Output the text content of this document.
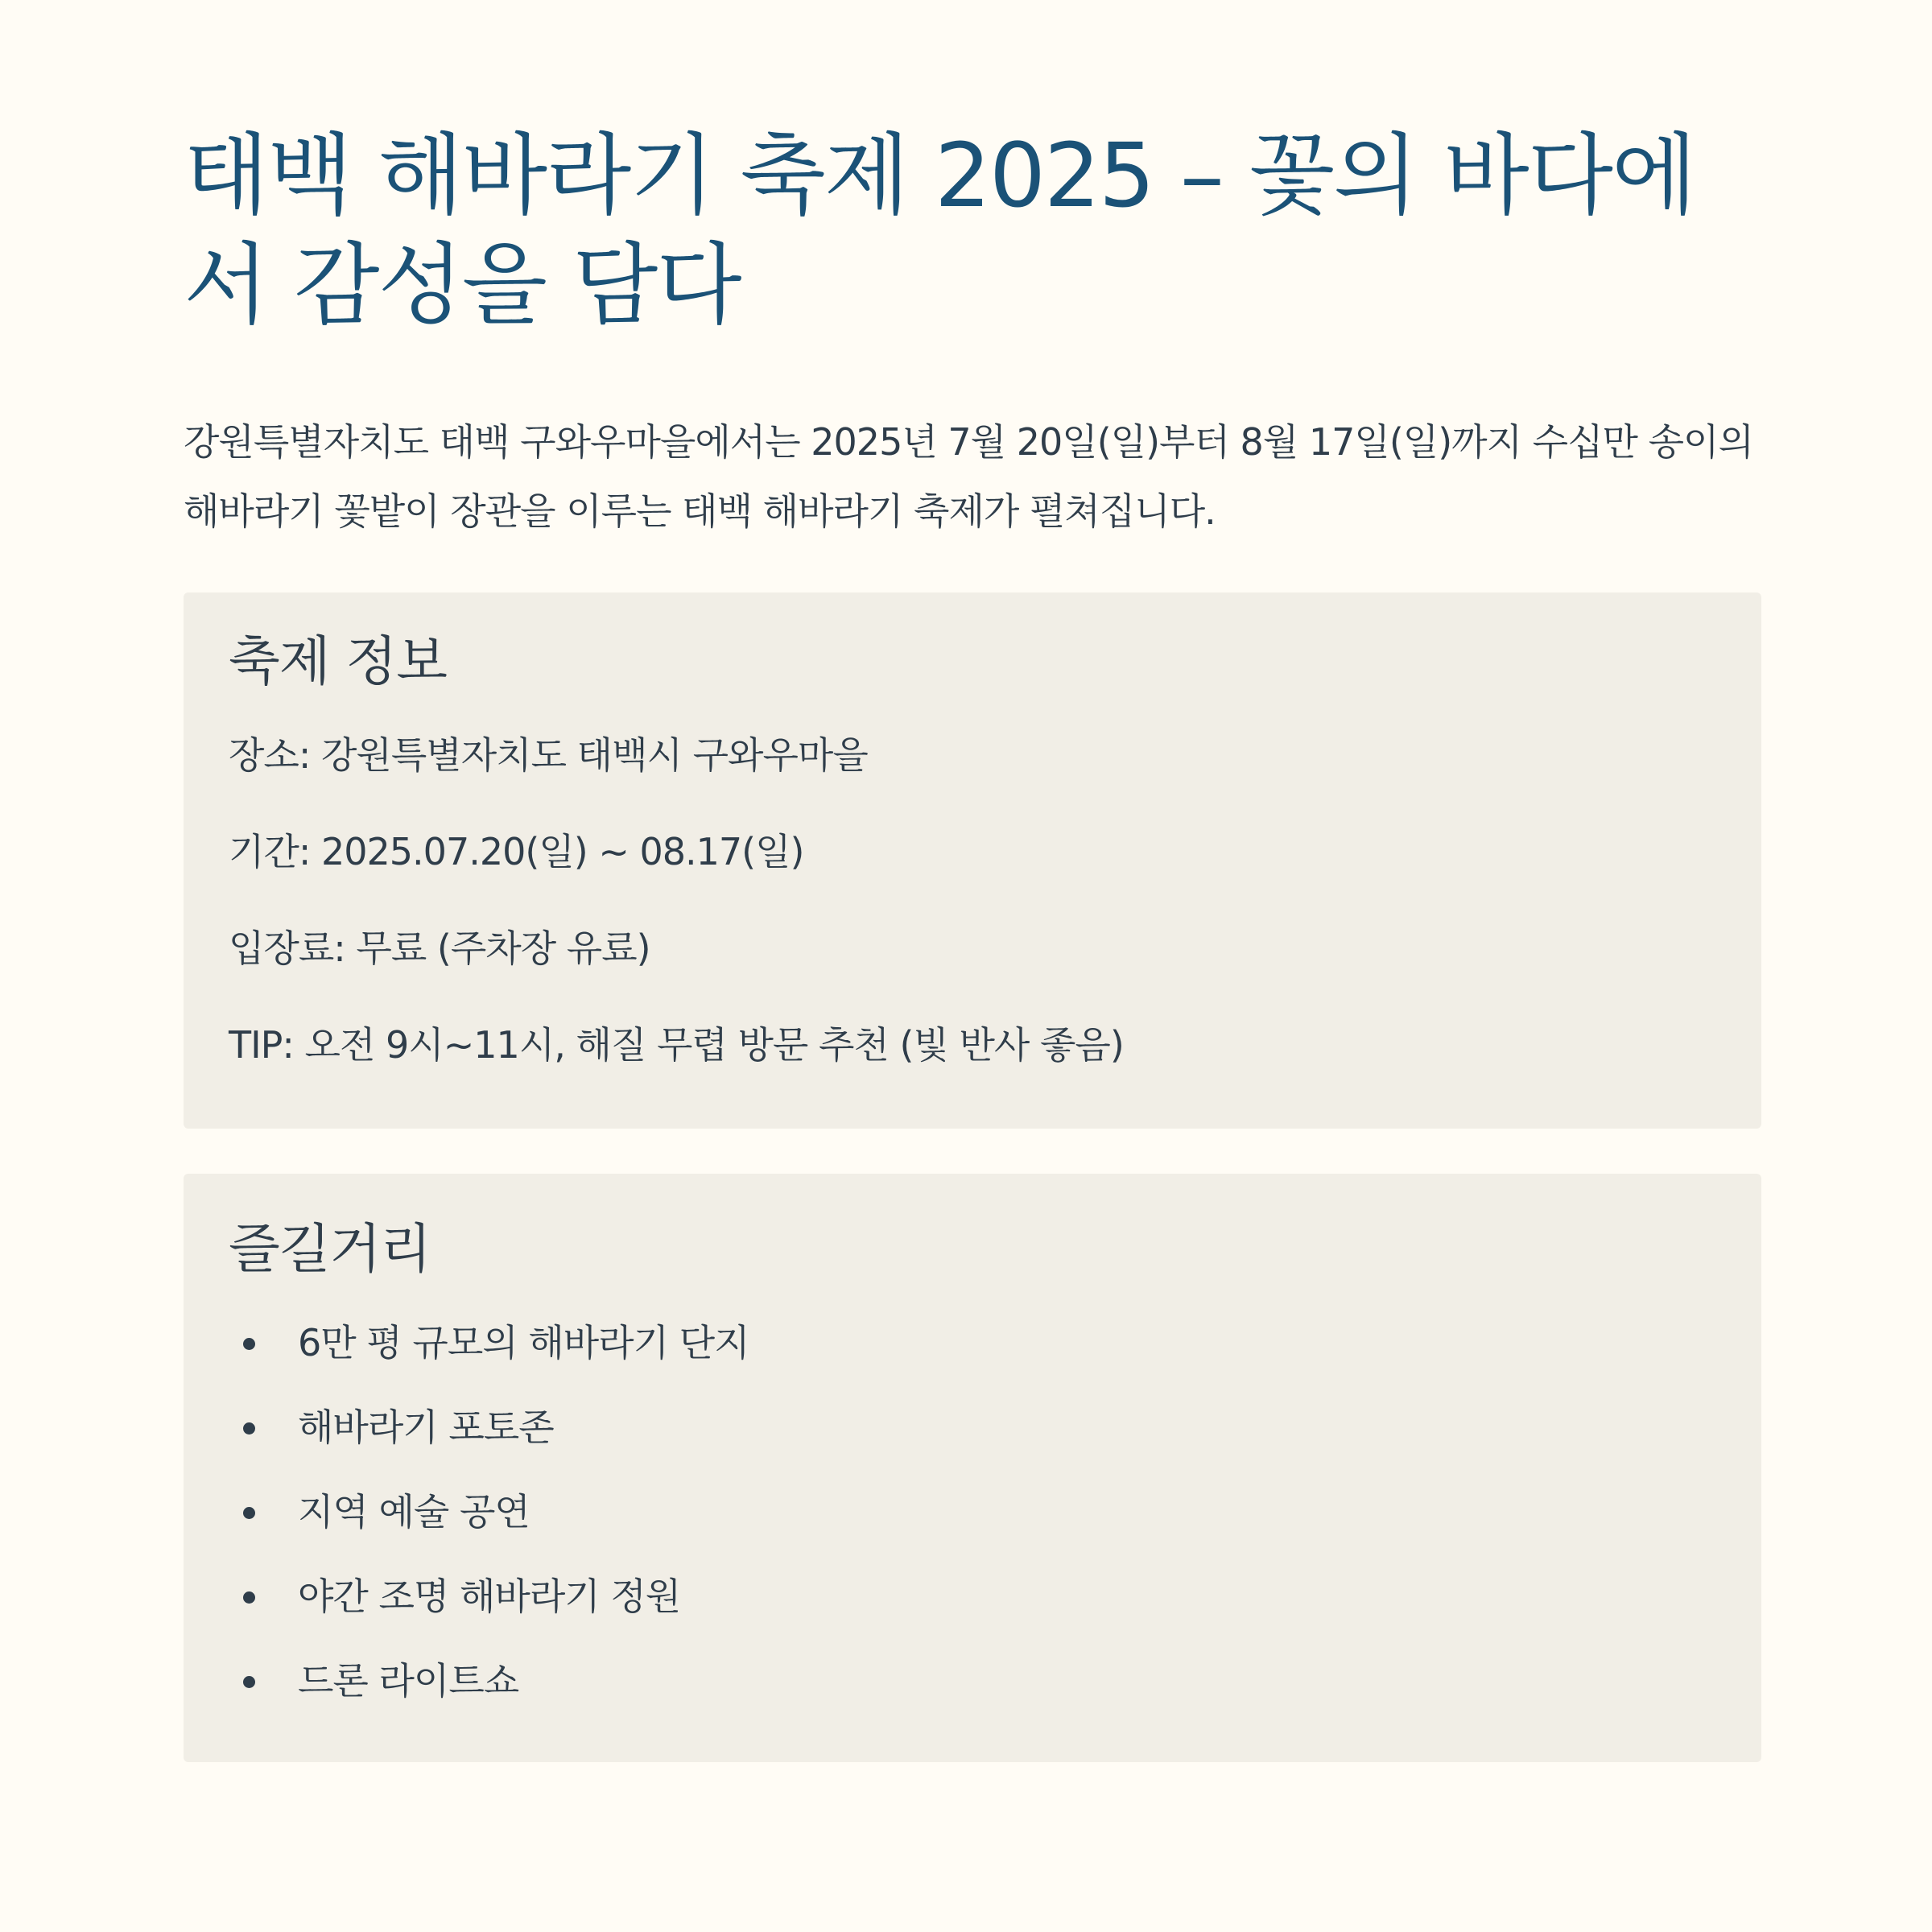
태백 해바라기 축제 2025 – 꽃의 바다에서 감성을 담다

강원특별자치도 태백 구와우마을에서는 2025년 7월 20일(일)부터 8월 17일(일)까지 수십만 송이의 해바라기 꽃밭이 장관을 이루는 태백 해바라기 축제가 펼쳐집니다.

축제 정보
장소: 강원특별자치도 태백시 구와우마을
기간: 2025.07.20(일) ~ 08.17(일)
입장료: 무료 (주차장 유료)
TIP: 오전 9시~11시, 해질 무렵 방문 추천 (빛 반사 좋음)
즐길거리
6만 평 규모의 해바라기 단지
해바라기 포토존
지역 예술 공연
야간 조명 해바라기 정원
드론 라이트쇼
